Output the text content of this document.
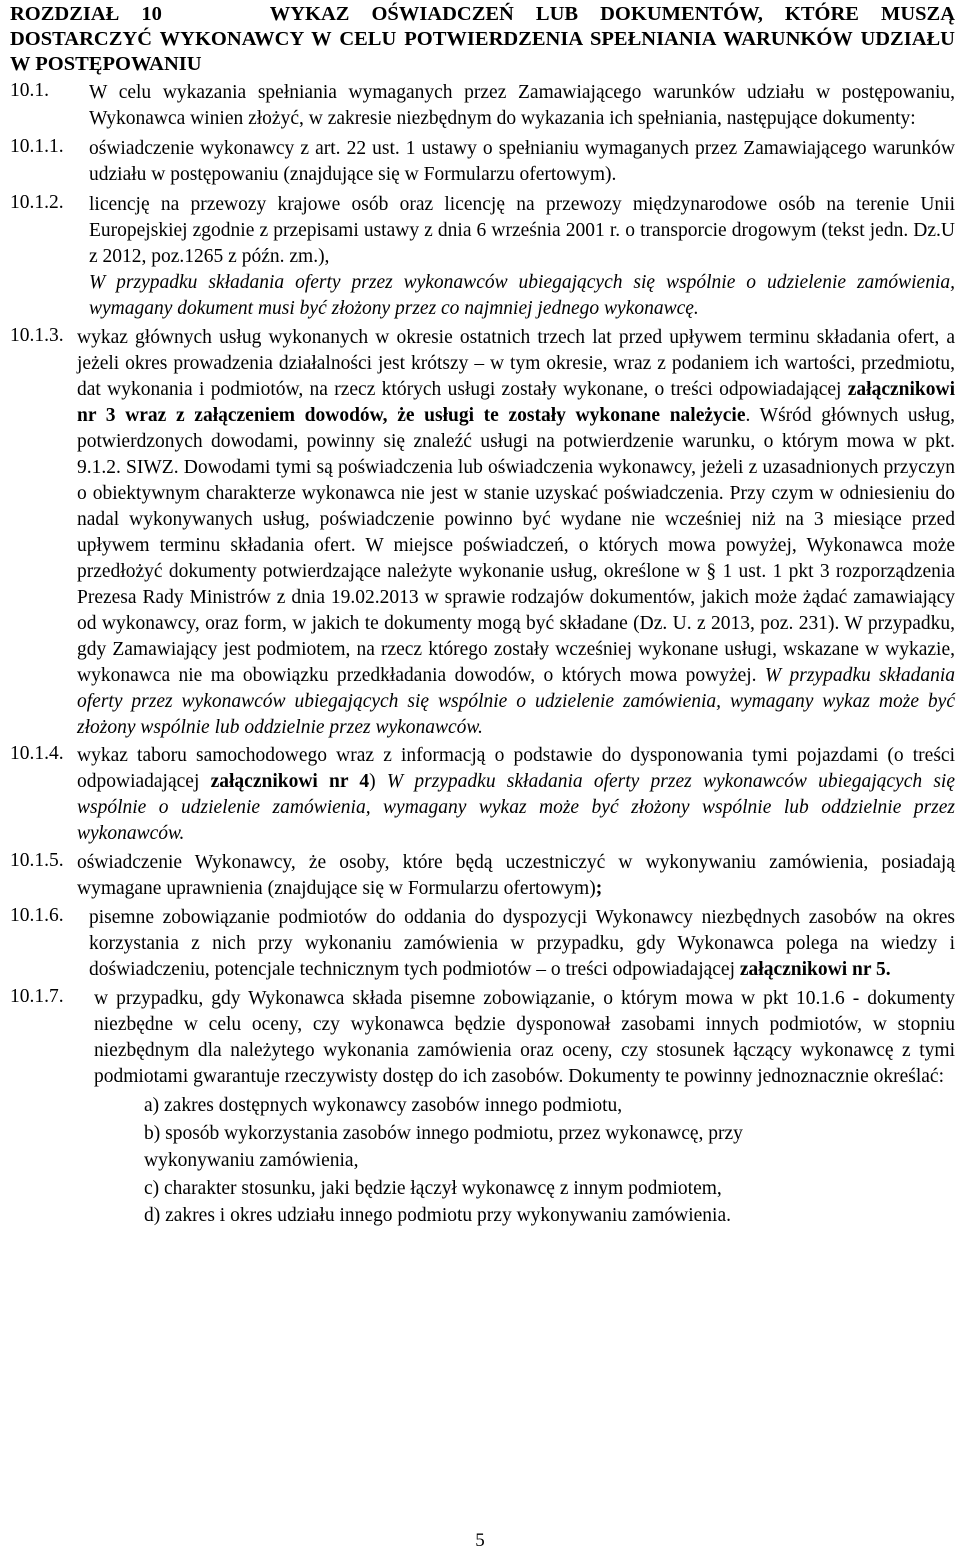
ROZDZIAŁ 10	WYKAZ OŚWIADCZEŃ LUB DOKUMENTÓW, KTÓRE MUSZĄ DOSTARCZYĆ WYKONAWCY W CELU POTWIERDZENIA SPEŁNIANIA WARUNKÓW UDZIAŁU W POSTĘPOWANIU
10.1. W celu wykazania spełniania wymaganych przez Zamawiającego warunków udziału w postępowaniu, Wykonawca winien złożyć, w zakresie niezbędnym do wykazania ich spełniania, następujące dokumenty:
10.1.1. oświadczenie wykonawcy z art. 22 ust. 1 ustawy o spełnianiu wymaganych przez Zamawiającego warunków udziału w postępowaniu (znajdujące się w Formularzu ofertowym).
10.1.2. licencję na przewozy krajowe osób oraz licencję na przewozy międzynarodowe osób na terenie Unii Europejskiej zgodnie z przepisami ustawy z dnia 6 września 2001 r. o transporcie drogowym (tekst jedn. Dz.U z 2012, poz.1265 z późn. zm.),
W przypadku składania oferty przez wykonawców ubiegających się wspólnie o udzielenie zamówienia, wymagany dokument musi być złożony przez co najmniej jednego wykonawcę.
10.1.3. wykaz głównych usług wykonanych w okresie ostatnich trzech lat przed upływem terminu składania ofert, a jeżeli okres prowadzenia działalności jest krótszy – w tym okresie, wraz z podaniem ich wartości, przedmiotu, dat wykonania i podmiotów, na rzecz których usługi zostały wykonane, o treści odpowiadającej załącznikowi nr 3 wraz z załączeniem dowodów, że usługi te zostały wykonane należycie. Wśród głównych usług, potwierdzonych dowodami, powinny się znaleźć usługi na potwierdzenie warunku, o którym mowa w pkt. 9.1.2. SIWZ. Dowodami tymi są poświadczenia lub oświadczenia wykonawcy, jeżeli z uzasadnionych przyczyn o obiektywnym charakterze wykonawca nie jest w stanie uzyskać poświadczenia. Przy czym w odniesieniu do nadal wykonywanych usług, poświadczenie powinno być wydane nie wcześniej niż na 3 miesiące przed upływem terminu składania ofert. W miejsce poświadczeń, o których mowa powyżej, Wykonawca może przedłożyć dokumenty potwierdzające należyte wykonanie usług, określone w § 1 ust. 1 pkt 3 rozporządzenia Prezesa Rady Ministrów z dnia 19.02.2013 w sprawie rodzajów dokumentów, jakich może żądać zamawiający od wykonawcy, oraz form, w jakich te dokumenty mogą być składane (Dz. U. z 2013, poz. 231). W przypadku, gdy Zamawiający jest podmiotem, na rzecz którego zostały wcześniej wykonane usługi, wskazane w wykazie, wykonawca nie ma obowiązku przedkładania dowodów, o których mowa powyżej. W przypadku składania oferty przez wykonawców ubiegających się wspólnie o udzielenie zamówienia, wymagany wykaz może być złożony wspólnie lub oddzielnie przez wykonawców.
10.1.4. wykaz taboru samochodowego wraz z informacją o podstawie do dysponowania tymi pojazdami (o treści odpowiadającej załącznikowi nr 4) W przypadku składania oferty przez wykonawców ubiegających się wspólnie o udzielenie zamówienia, wymagany wykaz może być złożony wspólnie lub oddzielnie przez wykonawców.
10.1.5. oświadczenie Wykonawcy, że osoby, które będą uczestniczyć w wykonywaniu zamówienia, posiadają wymagane uprawnienia (znajdujące się w Formularzu ofertowym);
10.1.6. pisemne zobowiązanie podmiotów do oddania do dyspozycji Wykonawcy niezbędnych zasobów na okres korzystania z nich przy wykonaniu zamówienia w przypadku, gdy Wykonawca polega na wiedzy i doświadczeniu, potencjale technicznym tych podmiotów – o treści odpowiadającej załącznikowi nr 5.
10.1.7. w przypadku, gdy Wykonawca składa pisemne zobowiązanie, o którym mowa w pkt 10.1.6 - dokumenty niezbędne w celu oceny, czy wykonawca będzie dysponował zasobami innych podmiotów, w stopniu niezbędnym dla należytego wykonania zamówienia oraz oceny, czy stosunek łączący wykonawcę z tymi podmiotami gwarantuje rzeczywisty dostęp do ich zasobów. Dokumenty te powinny jednoznacznie określać:
a) zakres dostępnych wykonawcy zasobów innego podmiotu,
b) sposób wykorzystania zasobów innego podmiotu, przez wykonawcę, przy wykonywaniu zamówienia,
c) charakter stosunku, jaki będzie łączył wykonawcę z innym podmiotem,
d) zakres i okres udziału innego podmiotu przy wykonywaniu zamówienia.
5
